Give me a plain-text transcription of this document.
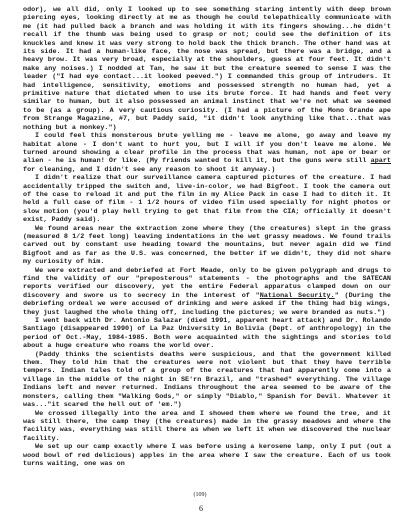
odor), we all did, only I looked up to see something staring intently with deep brown piercing eyes, looking directly at me as though he could telepathically communicate with me (it had pulled back a branch and was holding it with its fingers showing...he didn't recall if the thumb was being used to grasp or not; could see the definition of its knuckles and knew it was very strong to hold back the thick branch. The other hand was at its side. It had a human-like face, the nose was spread, but there was a bridge, and a heavy brow. It was very broad, especially at the shoulders, guess at four feet. It didn't make any noises.) I nodded at Tan, he saw it but the creature seemed to sense I was the leader ("I had eye contact...it looked peeved.") I commanded this group of intruders. It had intelligence, sensitivity, emotions and possessed strength no human had, yet a primitive nature that dictated when to use its brute force. It had hands and feet very similar to human, but it also possessed an animal instinct that we're not what we seemed to be (as a group). A very cautious curiosity. (I had a picture of the Mono Grande ape from Strange Magazine, #7, but Paddy said, "it didn't look anything like that...that was nothing but a monkey.")

I could feel this monsterous brute yelling me - leave me alone, go away and leave my habitat alone - I don't want to hurt you, but I will if you don't leave me alone. We turned around showing a clear profile in the process that was human, not ape or bear or alien - he is human! Or like. (My friends wanted to kill it, but the guns were still apart for cleaning, and I didn't see any reason to shoot it anyway.)

I didn't realize that our surveillance camera captured pictures of the creature. I had accidentally tripped the switch and, live-in-color, we had Bigfoot. I took the camera out of the case to reload it and put the film in my Alice Pack in case I had to ditch it. It held a full case of film - 1 1/2 hours of video film used specially for night photos or slow motion (you'd play hell trying to get that film from the CIA; officially it doesn't exist, Paddy said).

We found areas near the extraction zone where they (the creatures) slept in the grass (measured 8 1/2 feet long) leaving indentations in the wet grassy meadows. We found trails carved out by constant use heading toward the mountains, but never again did we find Bigfoot and as far as the U.S. was concerned, the better if we didn't, they did not share my curiosity of him.

We were extracted and debriefed at Fort Meade, only to be given polygraph and drugs to find the validity of our "preposterous" statements - the photographs and the SATECAN reports verified our discovery, yet the entire Federal apparatus clamped down on our discovery and swore us to secrecy in the interest of "National Security." (During the debriefing ordeal we were accused of drinking and were asked if the thing had big wings, they just laughed the whole thing off, including the pictures; we were branded as nuts.")

I went back with Dr. Antonio Salazar (died 1991, apparent heart attack) and Dr. Rolando Santiago (disappeared 1990) of La Paz University in Bolivia (Dept. of anthropology) in the period of Oct.-May, 1984-1985. Both were acquainted with the sightings and stories told about a huge creature who roams the world over.

(Paddy thinks the scientists deaths were suspicious, and that the government killed them. They told him that the creatures were not violent but that they have terrible tempers. Indian tales told of a group of the creatures that had apparently come into a village in the middle of the night in SE'rn Brazil, and "trashed" everything. The village Indians left and never returned. Indians throughout the area seemed to be aware of the monsters, calling them "Walking Gods," or simply "Diablo," Spanish for Devil. Whatever it was..."it scared the hell out of 'em.")

We crossed illegally into the area and I showed them where we found the tree, and it was still there, the camp they (the creatures) made in the grassy meadows and where the facility was, everything was still there as when we left it when we discovered the nuclear facility.

We set up our camp exactly where I was before using a kerosene lamp, only I put (out a wood bowl of red delicious) apples in the area where I saw the creature. Each of us took turns waiting, one was on

(109)
6
